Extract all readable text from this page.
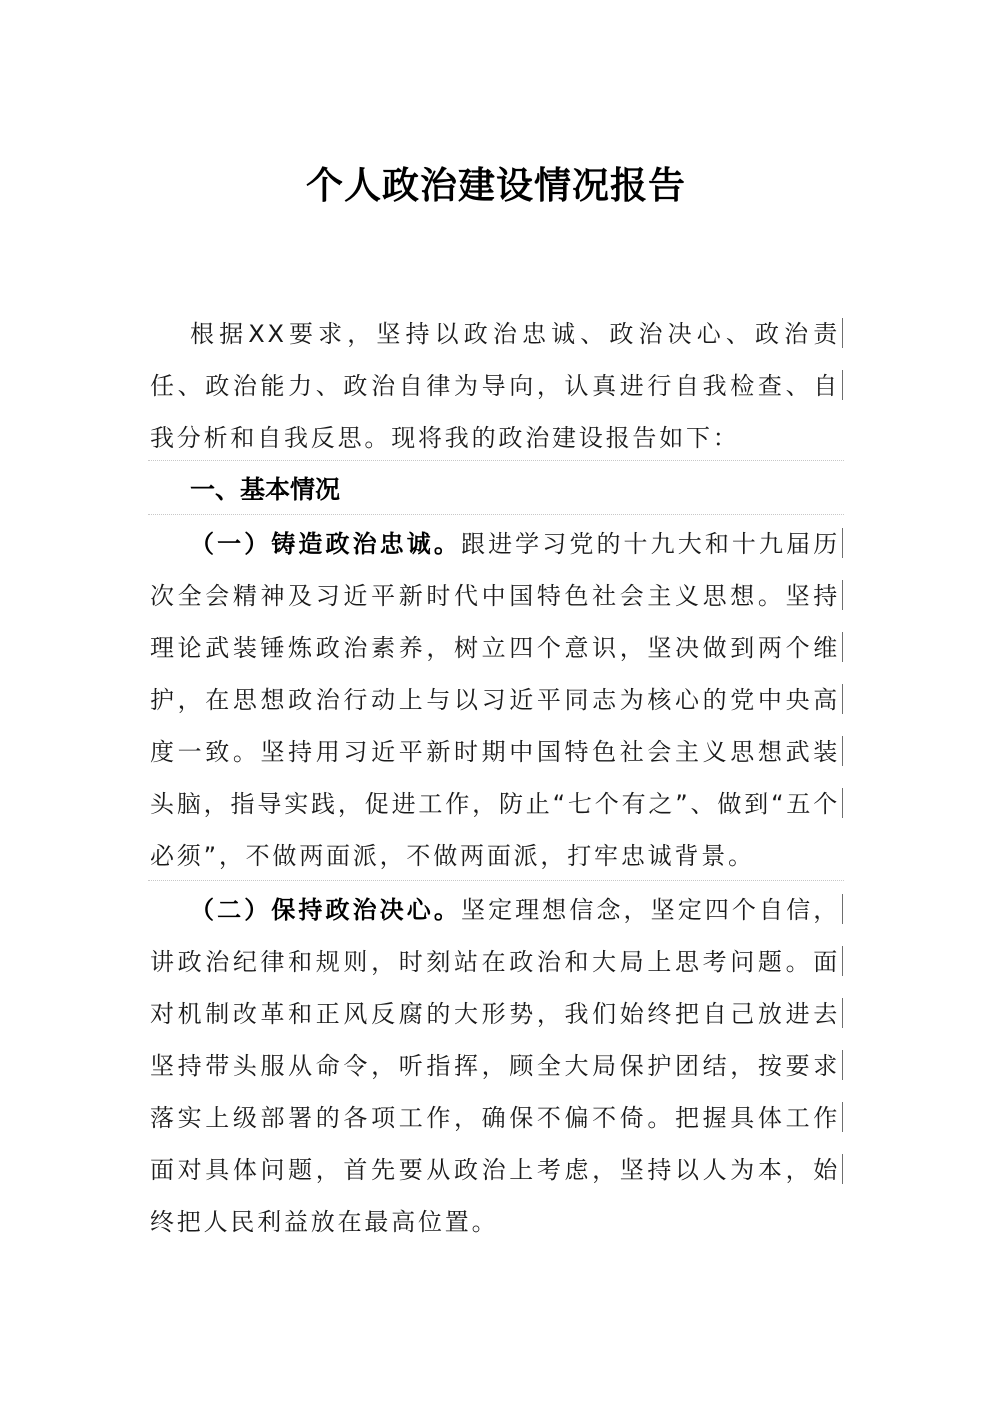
个人政治建设情况报告
根据XX要求，坚持以政治忠诚、政治决心、政治责任、政治能力、政治自律为导向，认真进行自我检查、自我分析和自我反思。现将我的政治建设报告如下：
一、基本情况
（一）铸造政治忠诚。跟进学习党的十九大和十九届历次全会精神及习近平新时代中国特色社会主义思想。坚持理论武装锤炼政治素养，树立四个意识，坚决做到两个维护，在思想政治行动上与以习近平同志为核心的党中央高度一致。坚持用习近平新时期中国特色社会主义思想武装头脑，指导实践，促进工作，防止“七个有之”、做到“五个必须”，不做两面派，不做两面派，打牢忠诚背景。
（二）保持政治决心。坚定理想信念，坚定四个自信，讲政治纪律和规则，时刻站在政治和大局上思考问题。面对机制改革和正风反腐的大形势，我们始终把自己放进去坚持带头服从命令，听指挥，顾全大局保护团结，按要求落实上级部署的各项工作，确保不偏不倚。把握具体工作面对具体问题，首先要从政治上考虑，坚持以人为本，始终把人民利益放在最高位置。
